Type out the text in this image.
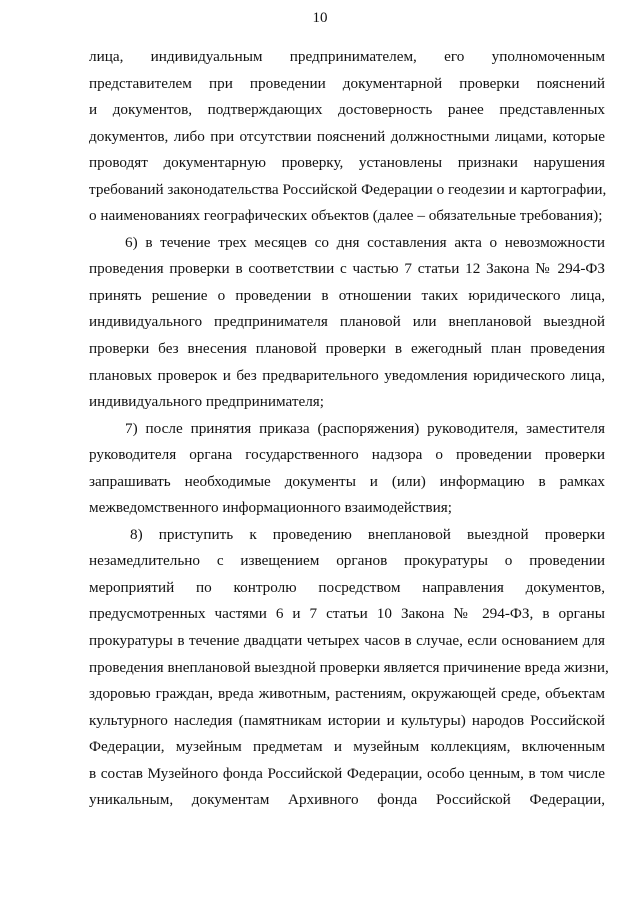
10
лица, индивидуальным предпринимателем, его уполномоченным
представителем при проведении документарной проверки пояснений
и документов, подтверждающих достоверность ранее представленных
документов, либо при отсутствии пояснений должностными лицами, которые
проводят документарную проверку, установлены признаки нарушения
требований законодательства Российской Федерации о геодезии и картографии,
о наименованиях географических объектов (далее – обязательные требования);
6) в течение трех месяцев со дня составления акта о невозможности
проведения проверки в соответствии с частью 7 статьи 12 Закона № 294-ФЗ
принять решение о проведении в отношении таких юридического лица,
индивидуального предпринимателя плановой или внеплановой выездной
проверки без внесения плановой проверки в ежегодный план проведения
плановых проверок и без предварительного уведомления юридического лица,
индивидуального предпринимателя;
7) после принятия приказа (распоряжения) руководителя, заместителя
руководителя органа государственного надзора о проведении проверки
запрашивать необходимые документы и (или) информацию в рамках
межведомственного информационного взаимодействия;
8) приступить к проведению внеплановой выездной проверки
незамедлительно с извещением органов прокуратуры о проведении
мероприятий по контролю посредством направления документов,
предусмотренных частями 6 и 7 статьи 10 Закона № 294-ФЗ, в органы
прокуратуры в течение двадцати четырех часов в случае, если основанием для
проведения внеплановой выездной проверки является причинение вреда жизни,
здоровью граждан, вреда животным, растениям, окружающей среде, объектам
культурного наследия (памятникам истории и культуры) народов Российской
Федерации, музейным предметам и музейным коллекциям, включенным
в состав Музейного фонда Российской Федерации, особо ценным, в том числе
уникальным, документам Архивного фонда Российской Федерации,
